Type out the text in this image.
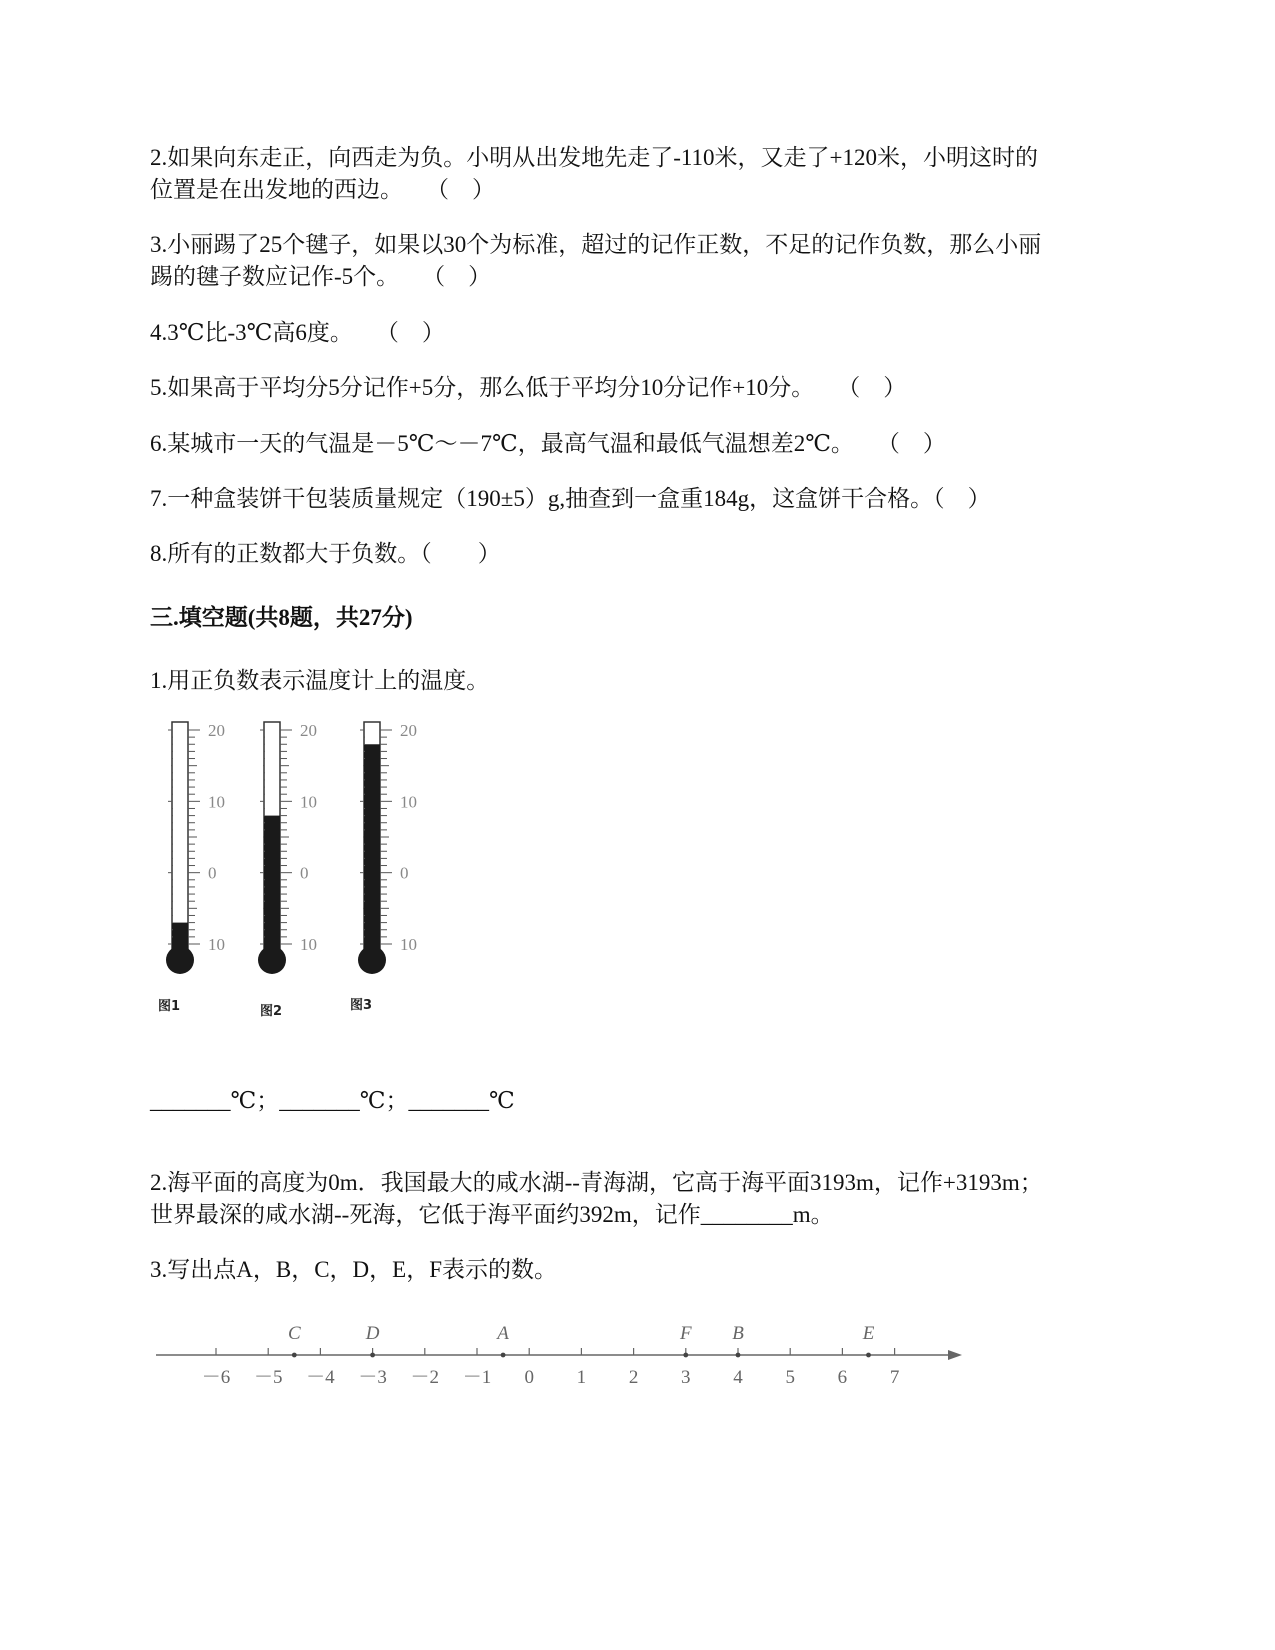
2.如果向东走正，向西走为负。小明从出发地先走了-110米，又走了+120米，小明这时的

位置是在出发地的西边。　　（　）

3.小丽踢了25个毽子，如果以30个为标准，超过的记作正数，不足的记作负数，那么小丽

踢的毽子数应记作-5个。　　（　）

4.3℃比-3℃高6度。　　（　）

5.如果高于平均分5分记作+5分，那么低于平均分10分记作+10分。　　（　）

6.某城市一天的气温是－5℃～－7℃，最高气温和最低气温想差2℃。　　（　）

7.一种盒装饼干包装质量规定（190±5）g,抽查到一盒重184g，这盒饼干合格。（　）

8.所有的正数都大于负数。（　　）

三.填空题(共8题，共27分)

1.用正负数表示温度计上的温度。

20
10
0
10
图1
20
10
0
10
图2
20
10
0
10
图3

_______℃；_______℃；_______℃

2.海平面的高度为0m．我国最大的咸水湖--青海湖，它高于海平面3193m，记作+3193m；

世界最深的咸水湖--死海，它低于海平面约392m，记作________m。

3.写出点A，B，C，D，E，F表示的数。

－6 －5 －4 －3 －2 －1 0 1 2 3 4 5 6 7
C	D	A	F B	E
